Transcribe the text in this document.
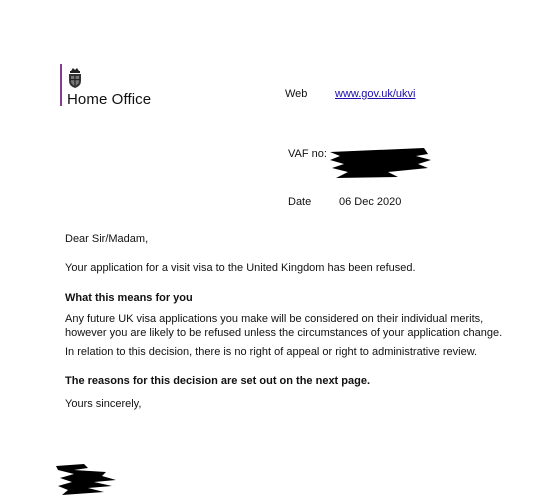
Home Office	Web	www.gov.uk/ukvi
VAF no:
Date	06 Dec 2020
Dear Sir/Madam,
Your application for a visit visa to the United Kingdom has been refused.
What this means for you
Any future UK visa applications you make will be considered on their individual merits,
however you are likely to be refused unless the circumstances of your application change.
In relation to this decision, there is no right of appeal or right to administrative review.
The reasons for this decision are set out on the next page.
Yours sincerely,
